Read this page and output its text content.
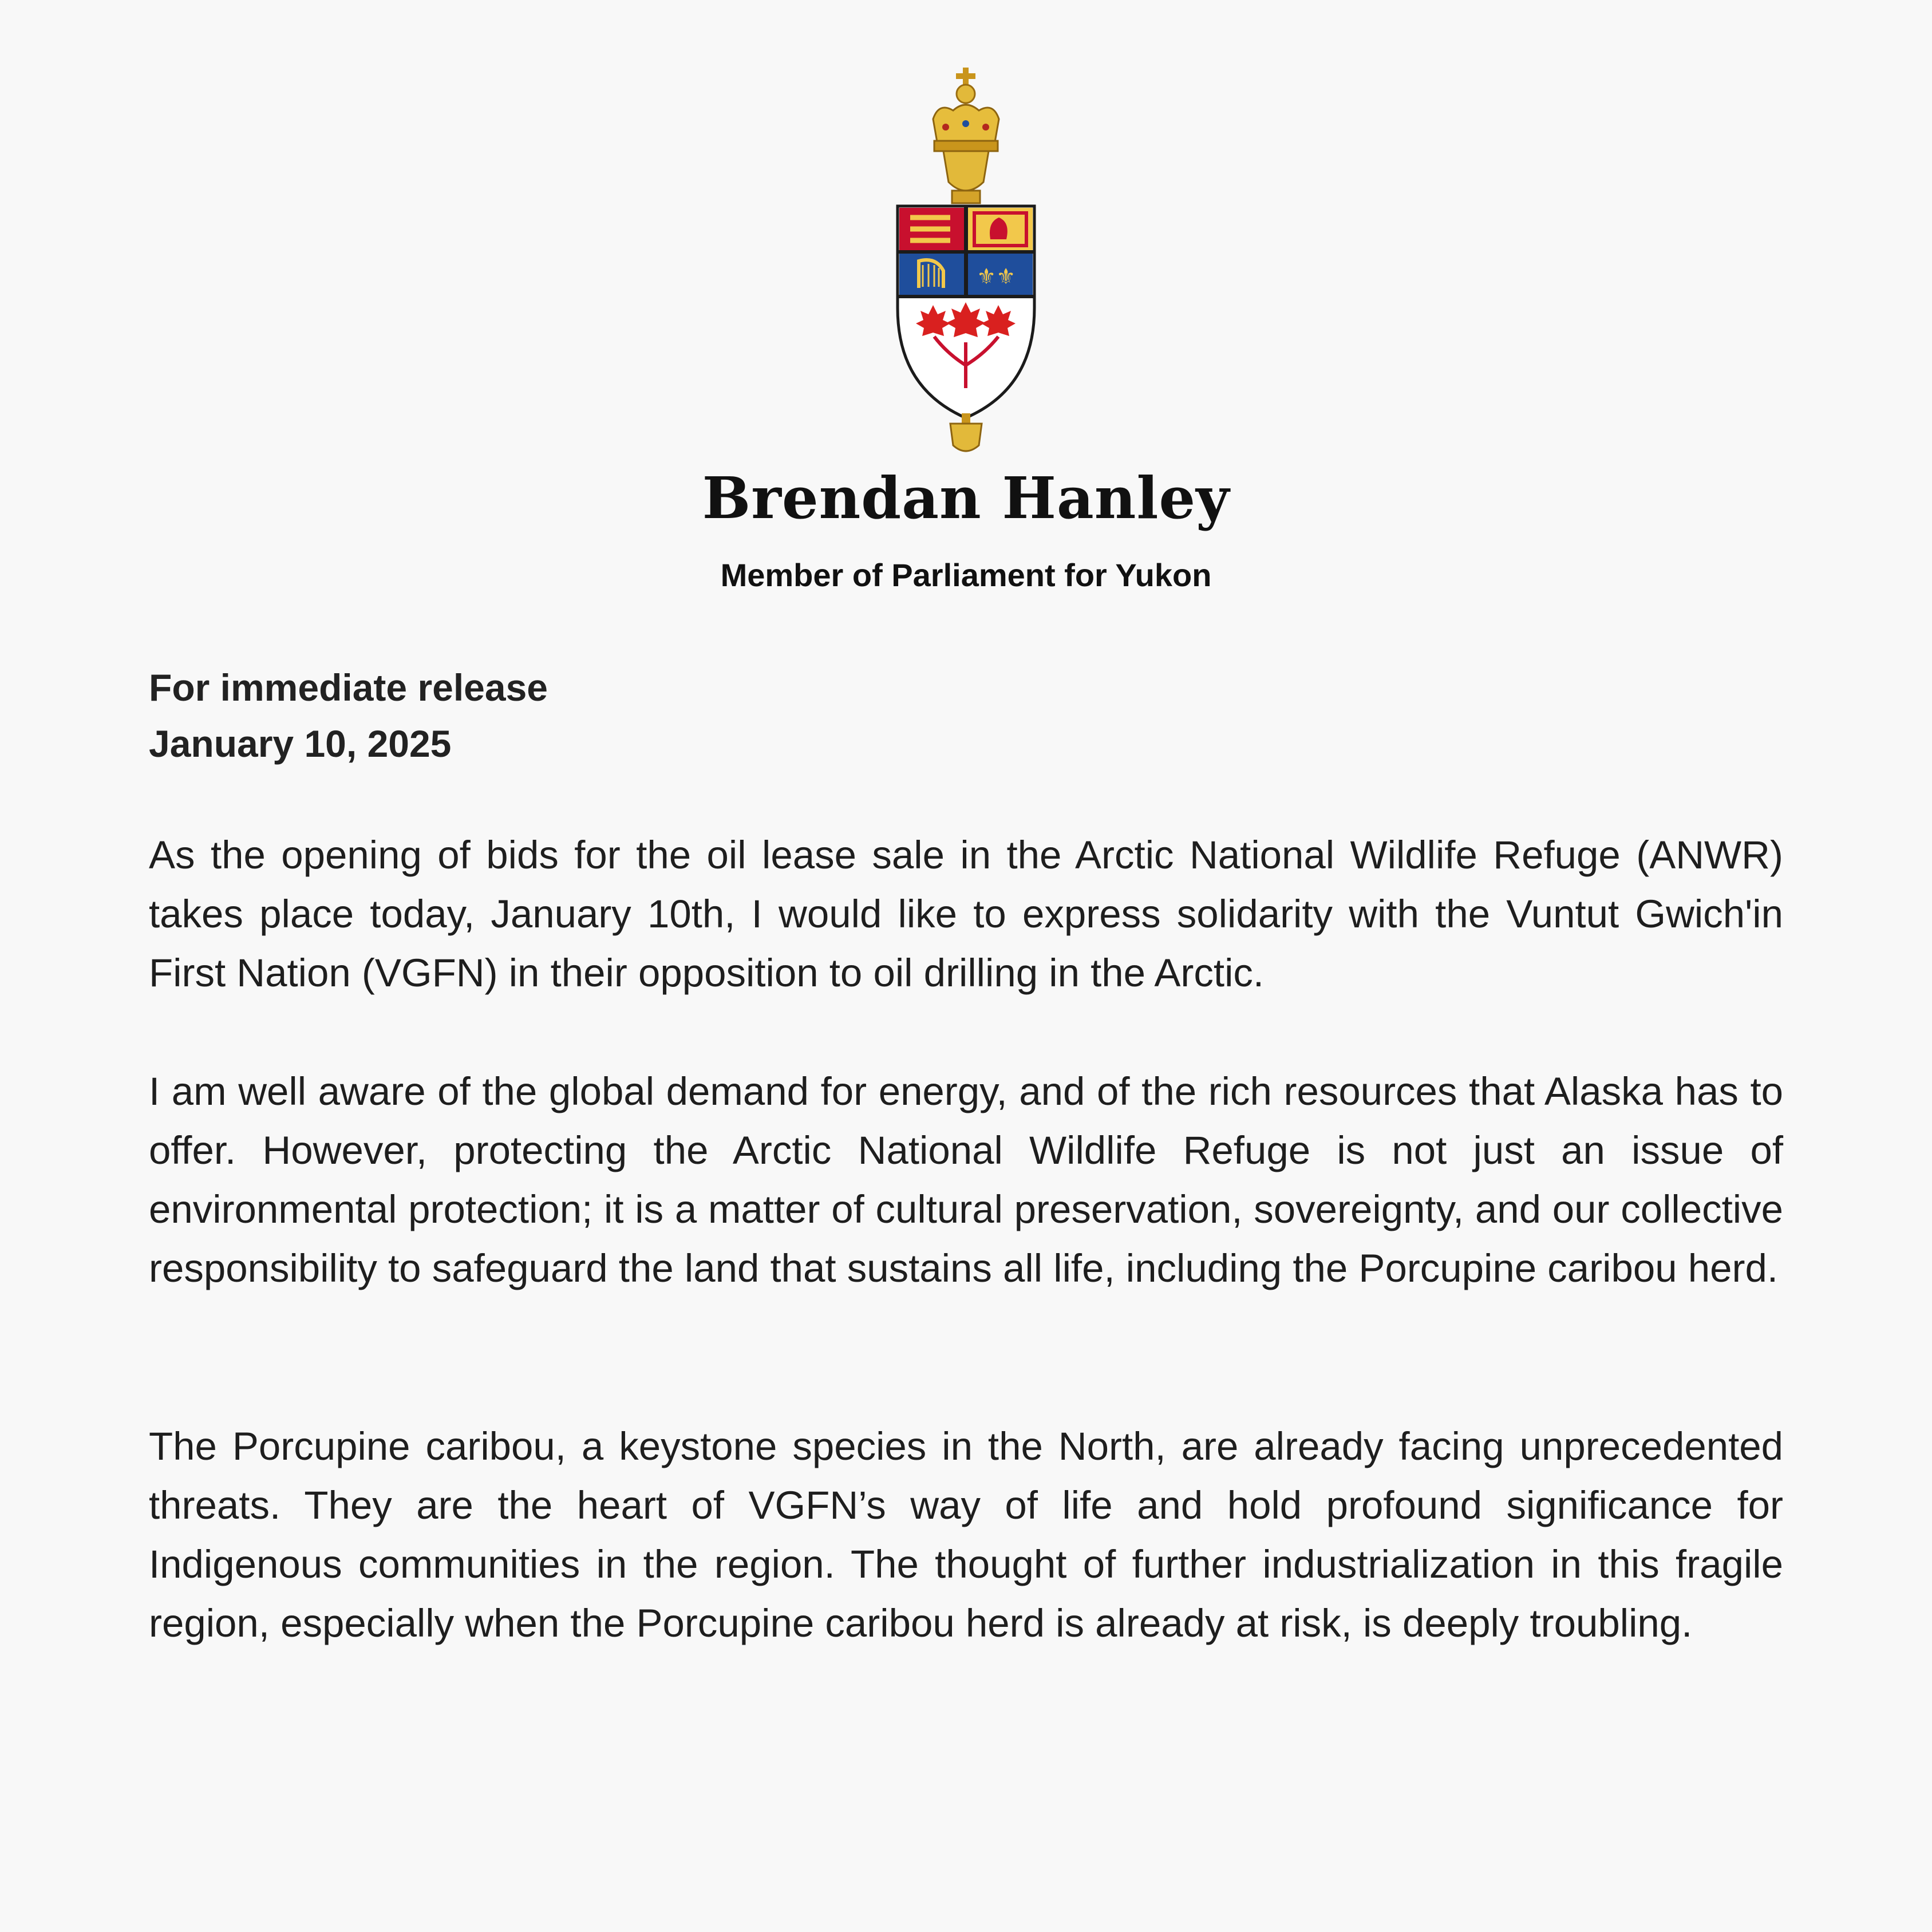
⚜⚜
Brendan Hanley
Member of Parliament for Yukon
For immediate release
January 10, 2025

As the opening of bids for the oil lease sale in the Arctic National Wildlife Refuge (ANWR) takes place today, January 10th, I would like to express solidarity with the Vuntut Gwich'in First Nation (VGFN) in their opposition to oil drilling in the Arctic.

I am well aware of the global demand for energy, and of the rich resources that Alaska has to offer. However, protecting the Arctic National Wildlife Refuge is not just an issue of environmental protection; it is a matter of cultural preservation, sovereignty, and our collective responsibility to safeguard the land that sustains all life, including the Porcupine caribou herd.

The Porcupine caribou, a keystone species in the North, are already facing unprecedented threats. They are the heart of VGFN’s way of life and hold profound significance for Indigenous communities in the region. The thought of further industrialization in this fragile region, especially when the Porcupine caribou herd is already at risk, is deeply troubling.
